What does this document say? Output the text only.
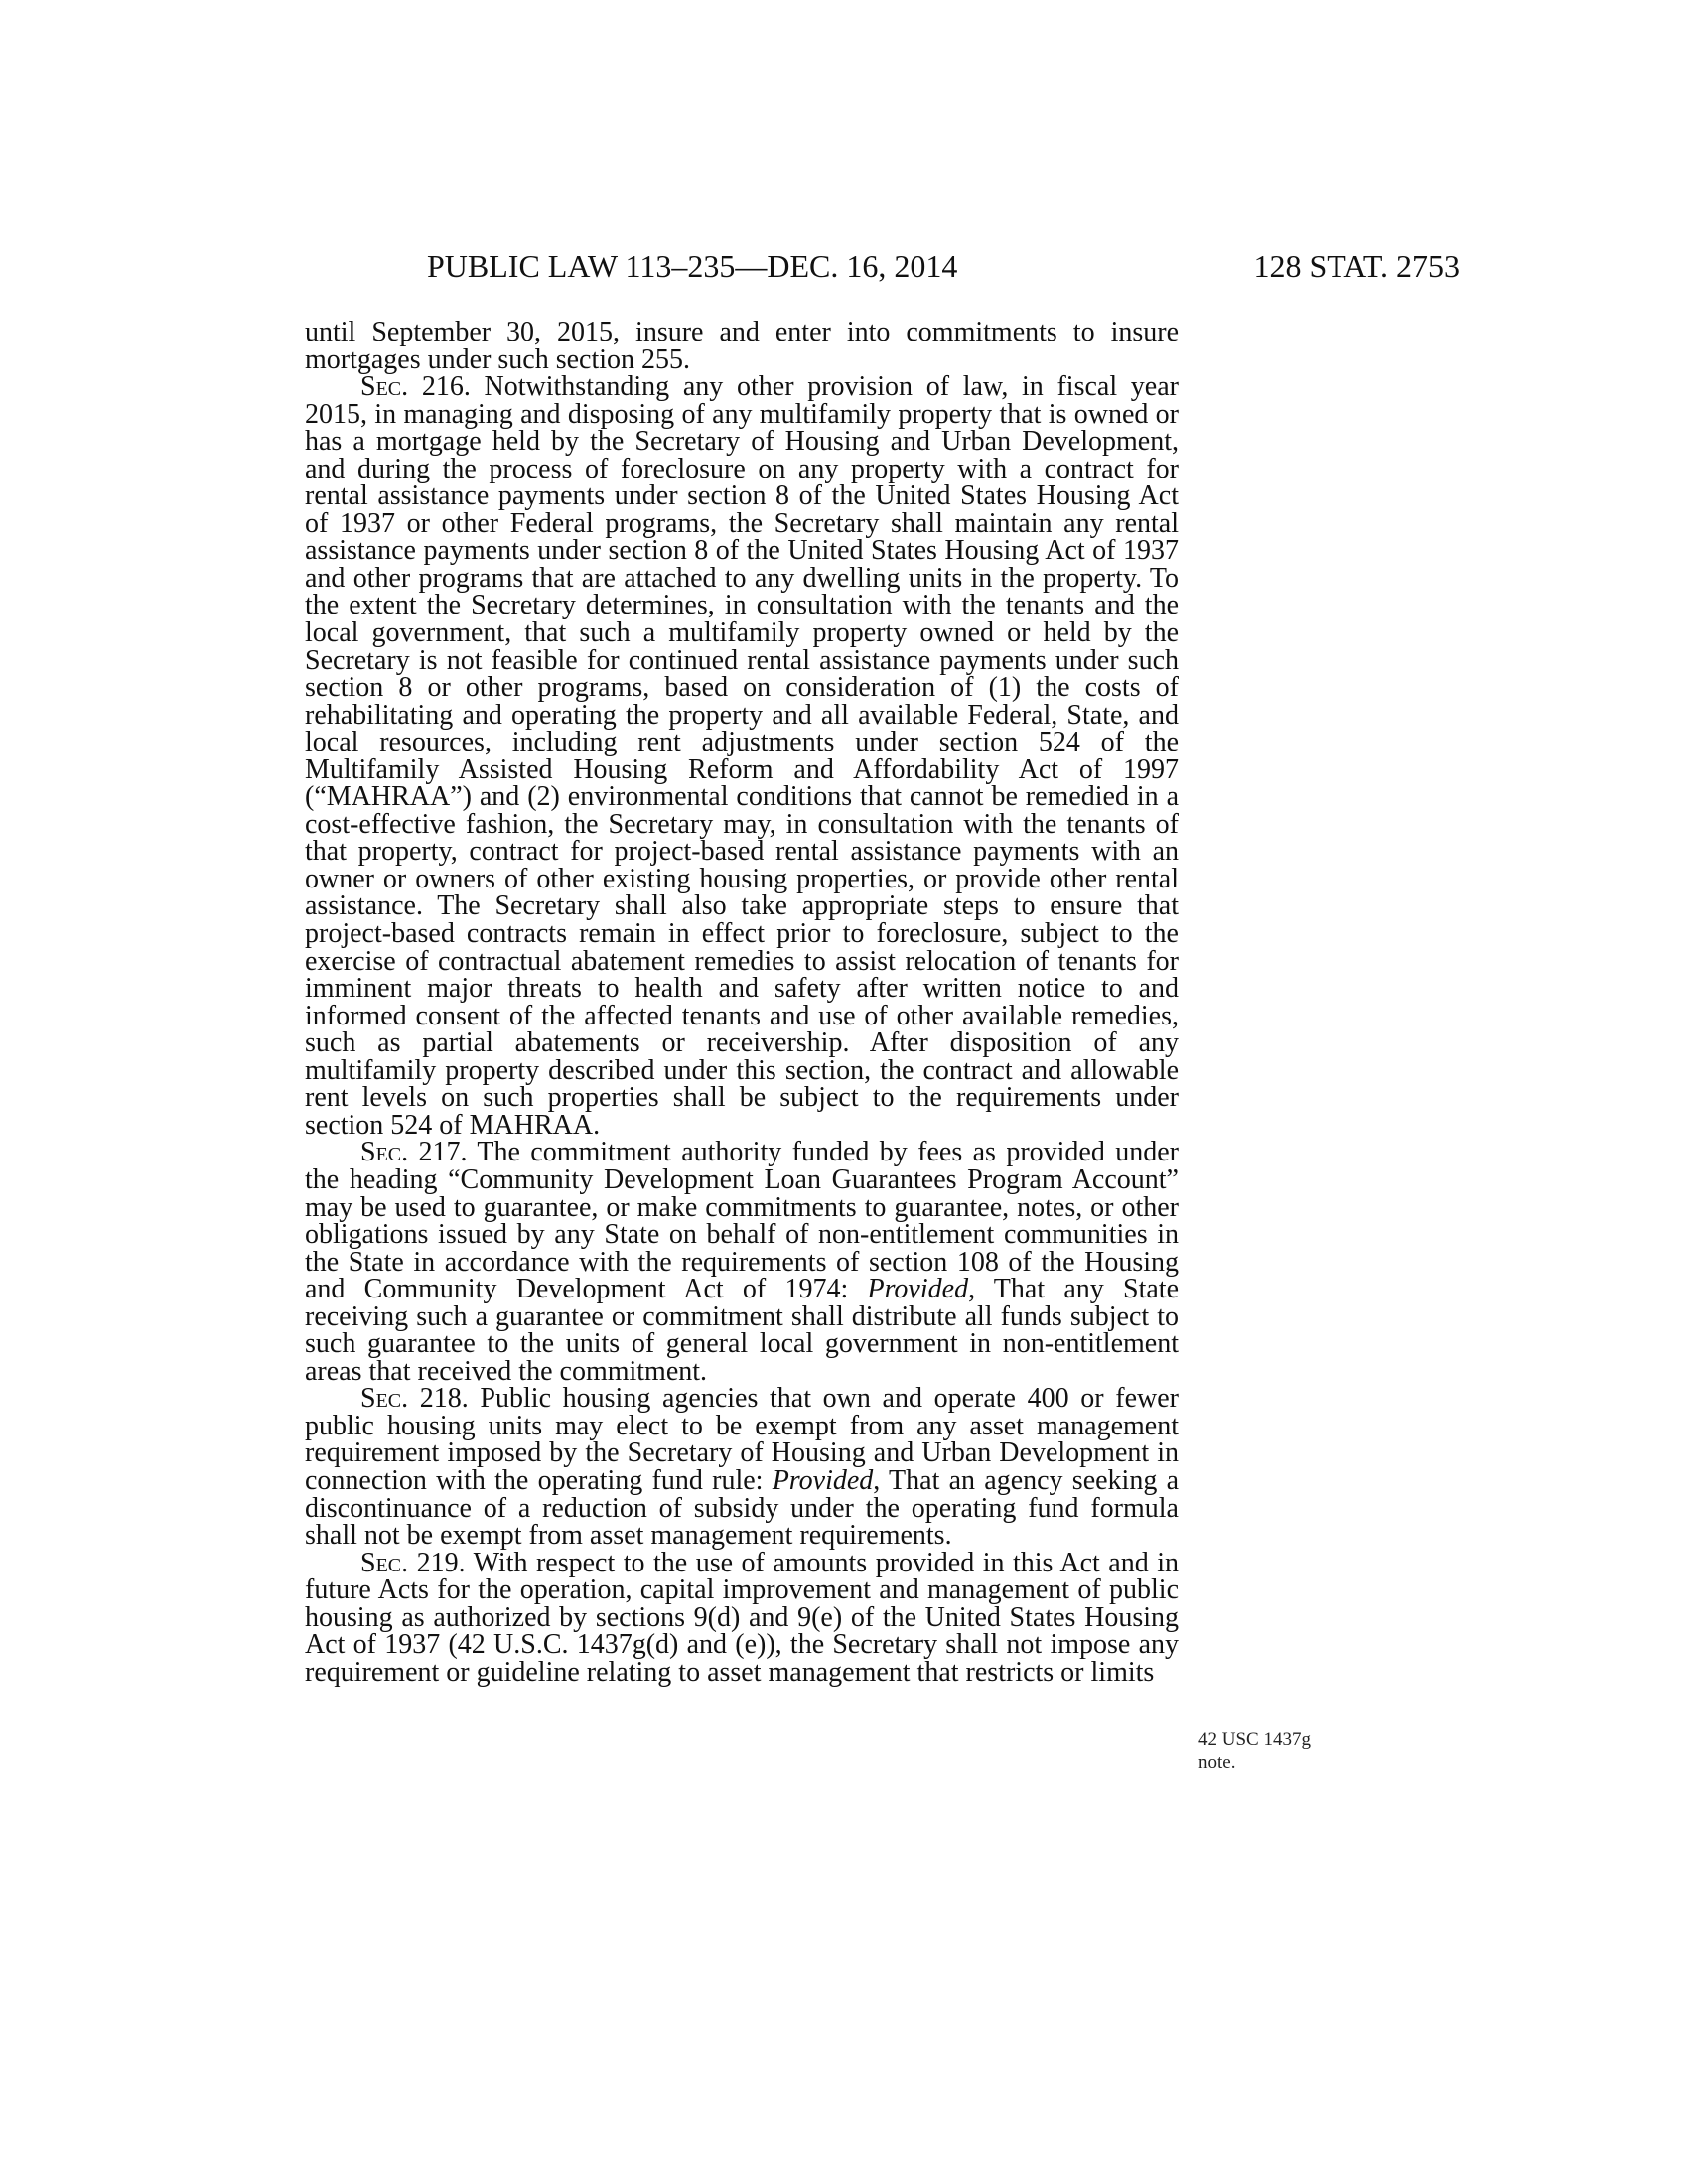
PUBLIC LAW 113–235—DEC. 16, 2014	128 STAT. 2753

until September 30, 2015, insure and enter into commitments to insure mortgages under such section 255.

Sec. 216. Notwithstanding any other provision of law, in fiscal year 2015, in managing and disposing of any multifamily property that is owned or has a mortgage held by the Secretary of Housing and Urban Development, and during the process of foreclosure on any property with a contract for rental assistance payments under section 8 of the United States Housing Act of 1937 or other Federal programs, the Secretary shall maintain any rental assistance payments under section 8 of the United States Housing Act of 1937 and other programs that are attached to any dwelling units in the property. To the extent the Secretary determines, in consultation with the tenants and the local government, that such a multifamily property owned or held by the Secretary is not feasible for continued rental assistance payments under such section 8 or other programs, based on consideration of (1) the costs of rehabilitating and operating the property and all available Federal, State, and local resources, including rent adjustments under section 524 of the Multifamily Assisted Housing Reform and Affordability Act of 1997 (“MAHRAA”) and (2) environmental conditions that cannot be remedied in a cost-effective fashion, the Secretary may, in consultation with the tenants of that property, contract for project-based rental assistance payments with an owner or owners of other existing housing properties, or provide other rental assistance. The Secretary shall also take appropriate steps to ensure that project-based contracts remain in effect prior to foreclosure, subject to the exercise of contractual abatement remedies to assist relocation of tenants for imminent major threats to health and safety after written notice to and informed consent of the affected tenants and use of other available remedies, such as partial abatements or receivership. After disposition of any multifamily property described under this section, the contract and allowable rent levels on such properties shall be subject to the requirements under section 524 of MAHRAA.

Sec. 217. The commitment authority funded by fees as provided under the heading “Community Development Loan Guarantees Program Account” may be used to guarantee, or make commitments to guarantee, notes, or other obligations issued by any State on behalf of non-entitlement communities in the State in accordance with the requirements of section 108 of the Housing and Community Development Act of 1974: Provided, That any State receiving such a guarantee or commitment shall distribute all funds subject to such guarantee to the units of general local government in non-entitlement areas that received the commitment.

Sec. 218. Public housing agencies that own and operate 400 or fewer public housing units may elect to be exempt from any asset management requirement imposed by the Secretary of Housing and Urban Development in connection with the operating fund rule: Provided, That an agency seeking a discontinuance of a reduction of subsidy under the operating fund formula shall not be exempt from asset management requirements.

Sec. 219. With respect to the use of amounts provided in this Act and in future Acts for the operation, capital improvement and management of public housing as authorized by sections 9(d) and 9(e) of the United States Housing Act of 1937 (42 U.S.C. 1437g(d) and (e)), the Secretary shall not impose any requirement or guideline relating to asset management that restricts or limits

42 USC 1437g
note.
